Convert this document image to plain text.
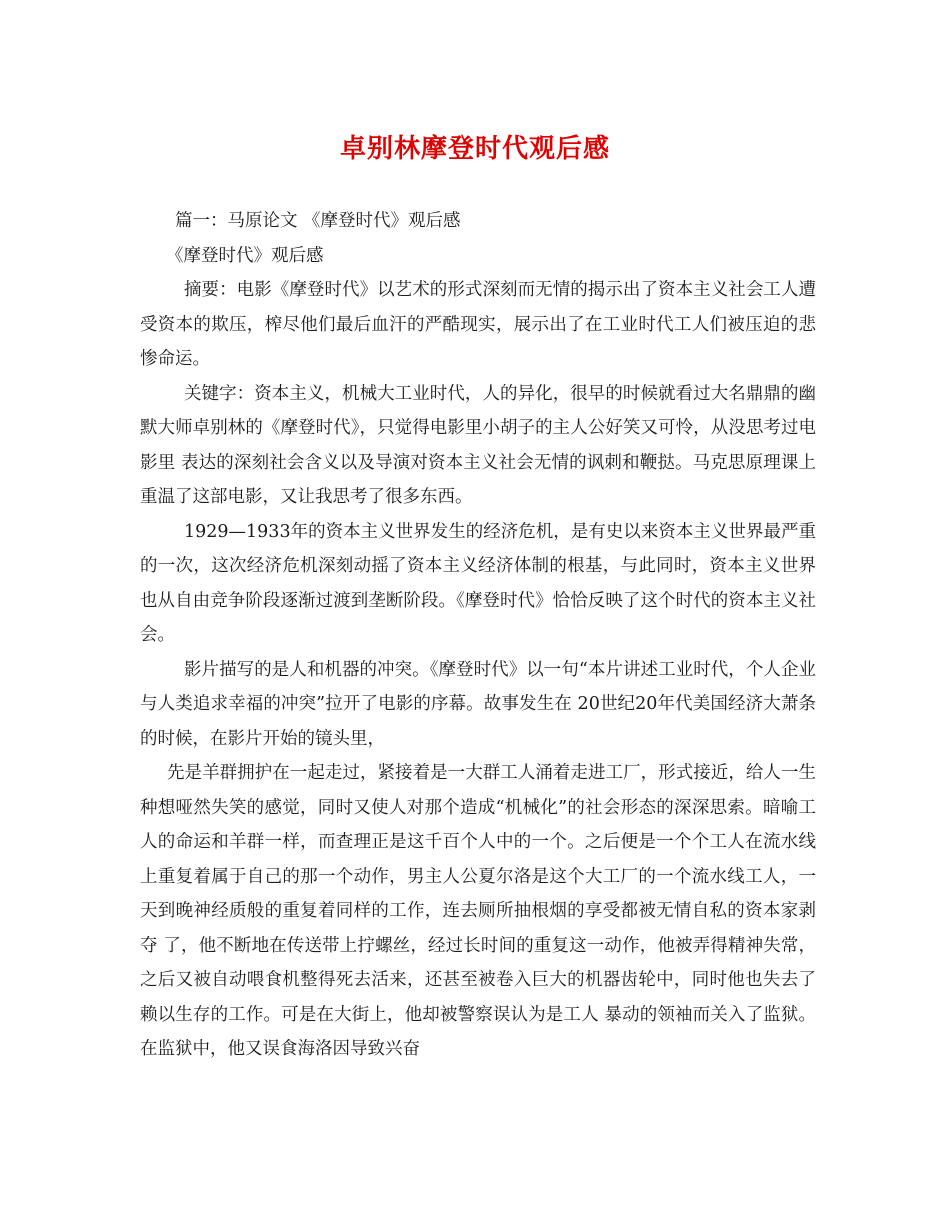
卓别林摩登时代观后感

篇一：马原论文 《摩登时代》观后感

《摩登时代》观后感

摘要：电影《摩登时代》以艺术的形式深刻而无情的揭示出了资本主义社会工人遭受资本的欺压，榨尽他们最后血汗的严酷现实，展示出了在工业时代工人们被压迫的悲惨命运。

关键字：资本主义，机械大工业时代，人的异化，很早的时候就看过大名鼎鼎的幽默大师卓别林的《摩登时代》，只觉得电影里小胡子的主人公好笑又可怜，从没思考过电影里 表达的深刻社会含义以及导演对资本主义社会无情的讽刺和鞭挞。马克思原理课上重温了这部电影，又让我思考了很多东西。

1929—1933年的资本主义世界发生的经济危机，是有史以来资本主义世界最严重的一次，这次经济危机深刻动摇了资本主义经济体制的根基，与此同时，资本主义世界也从自由竞争阶段逐渐过渡到垄断阶段。《摩登时代》恰恰反映了这个时代的资本主义社会。

影片描写的是人和机器的冲突。《摩登时代》以一句“本片讲述工业时代，个人企业与人类追求幸福的冲突”拉开了电影的序幕。故事发生在 20世纪20年代美国经济大萧条的时候，在影片开始的镜头里，

先是羊群拥护在一起走过，紧接着是一大群工人涌着走进工厂，形式接近，给人一生种想哑然失笑的感觉，同时又使人对那个造成“机械化”的社会形态的深深思索。暗喻工人的命运和羊群一样，而查理正是这千百个人中的一个。之后便是一个个工人在流水线上重复着属于自己的那一个动作，男主人公夏尔洛是这个大工厂的一个流水线工人，一天到晚神经质般的重复着同样的工作，连去厕所抽根烟的享受都被无情自私的资本家剥夺 了，他不断地在传送带上拧螺丝，经过长时间的重复这一动作，他被弄得精神失常，之后又被自动喂食机整得死去活来，还甚至被卷入巨大的机器齿轮中，同时他也失去了赖以生存的工作。可是在大街上，他却被警察误认为是工人 暴动的领袖而关入了监狱。在监狱中，他又误食海洛因导致兴奋
